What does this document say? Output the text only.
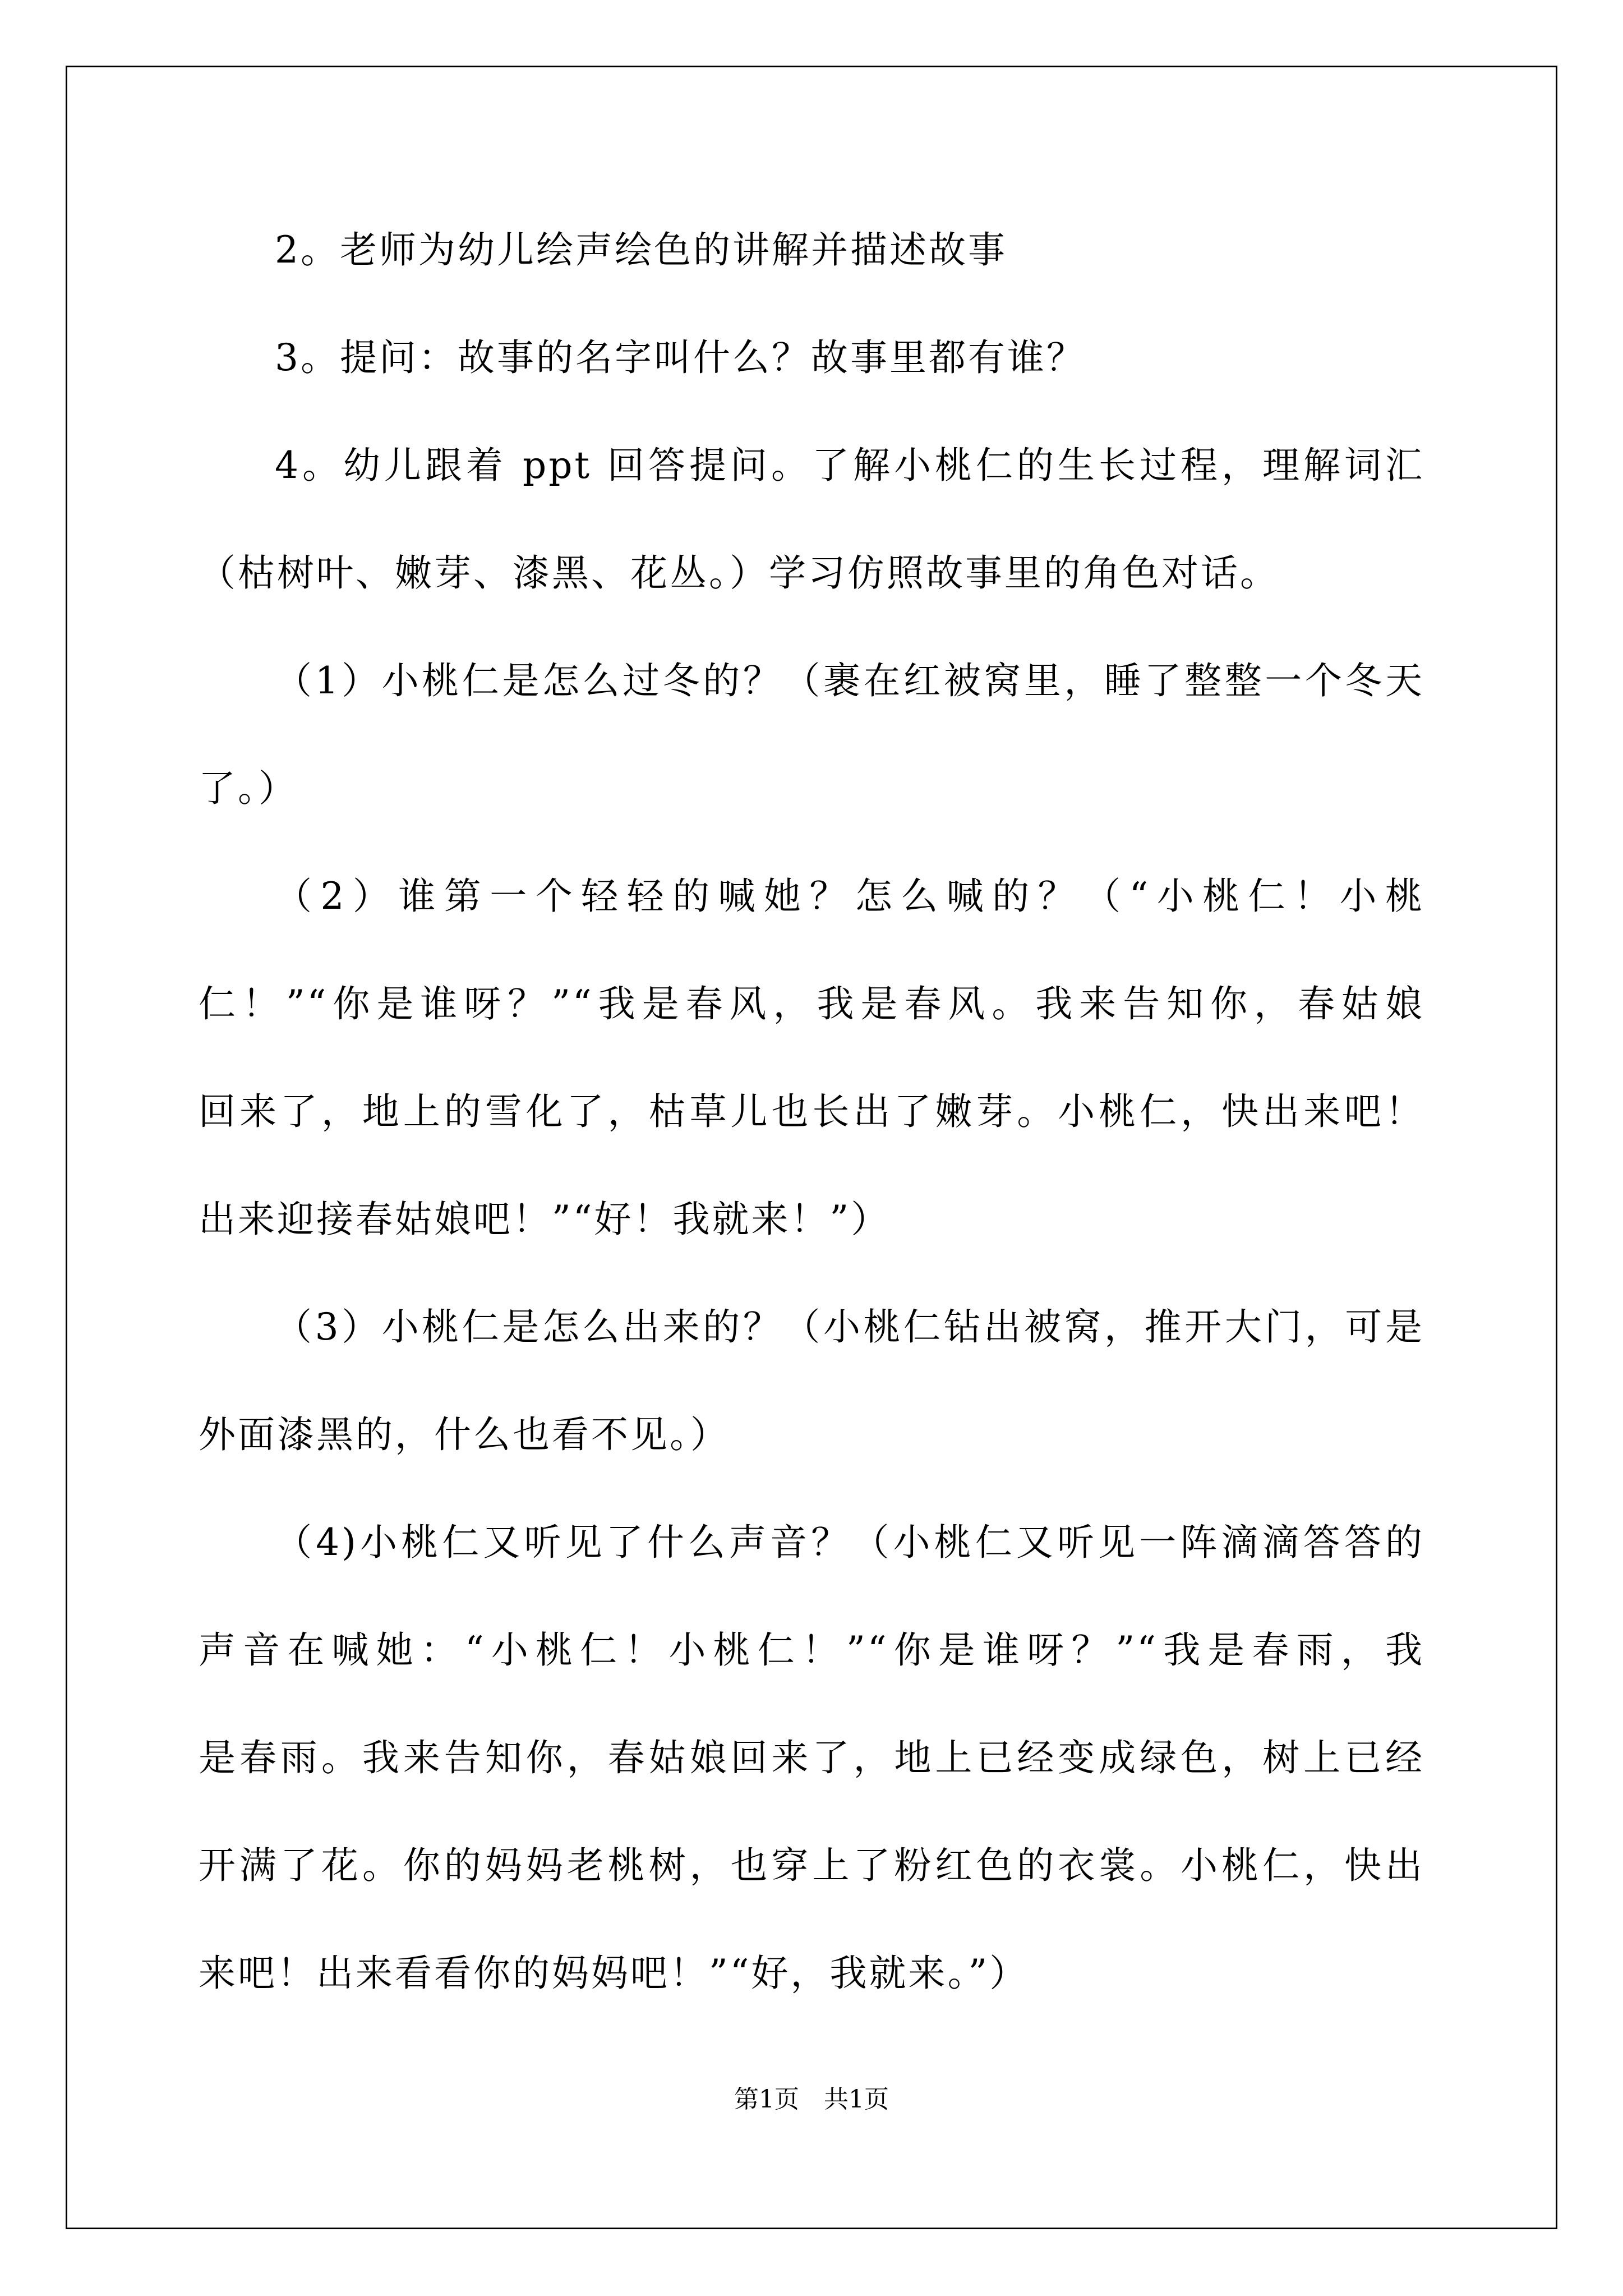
2。老师为幼儿绘声绘色的讲解并描述故事
3。提问：故事的名字叫什么？故事里都有谁？
4。幼儿跟着 ppt 回答提问。了解小桃仁的生长过程，理解词汇
（枯树叶、嫩芽、漆黑、花丛。）学习仿照故事里的角色对话。
（1）小桃仁是怎么过冬的？（裹在红被窝里，睡了整整一个冬天
了。）
（2）谁第一个轻轻的喊她？怎么喊的？（“小桃仁！小桃
仁！”“你是谁呀？”“我是春风，我是春风。我来告知你，春姑娘
回来了，地上的雪化了，枯草儿也长出了嫩芽。小桃仁，快出来吧！
出来迎接春姑娘吧！”“好！我就来！”）
（3）小桃仁是怎么出来的？（小桃仁钻出被窝，推开大门，可是
外面漆黑的，什么也看不见。）
（4)小桃仁又听见了什么声音？（小桃仁又听见一阵滴滴答答的
声音在喊她：“小桃仁！小桃仁！”“你是谁呀？”“我是春雨，我
是春雨。我来告知你，春姑娘回来了，地上已经变成绿色，树上已经
开满了花。你的妈妈老桃树，也穿上了粉红色的衣裳。小桃仁，快出
来吧！出来看看你的妈妈吧！”“好，我就来。”）
第1页　共1页
